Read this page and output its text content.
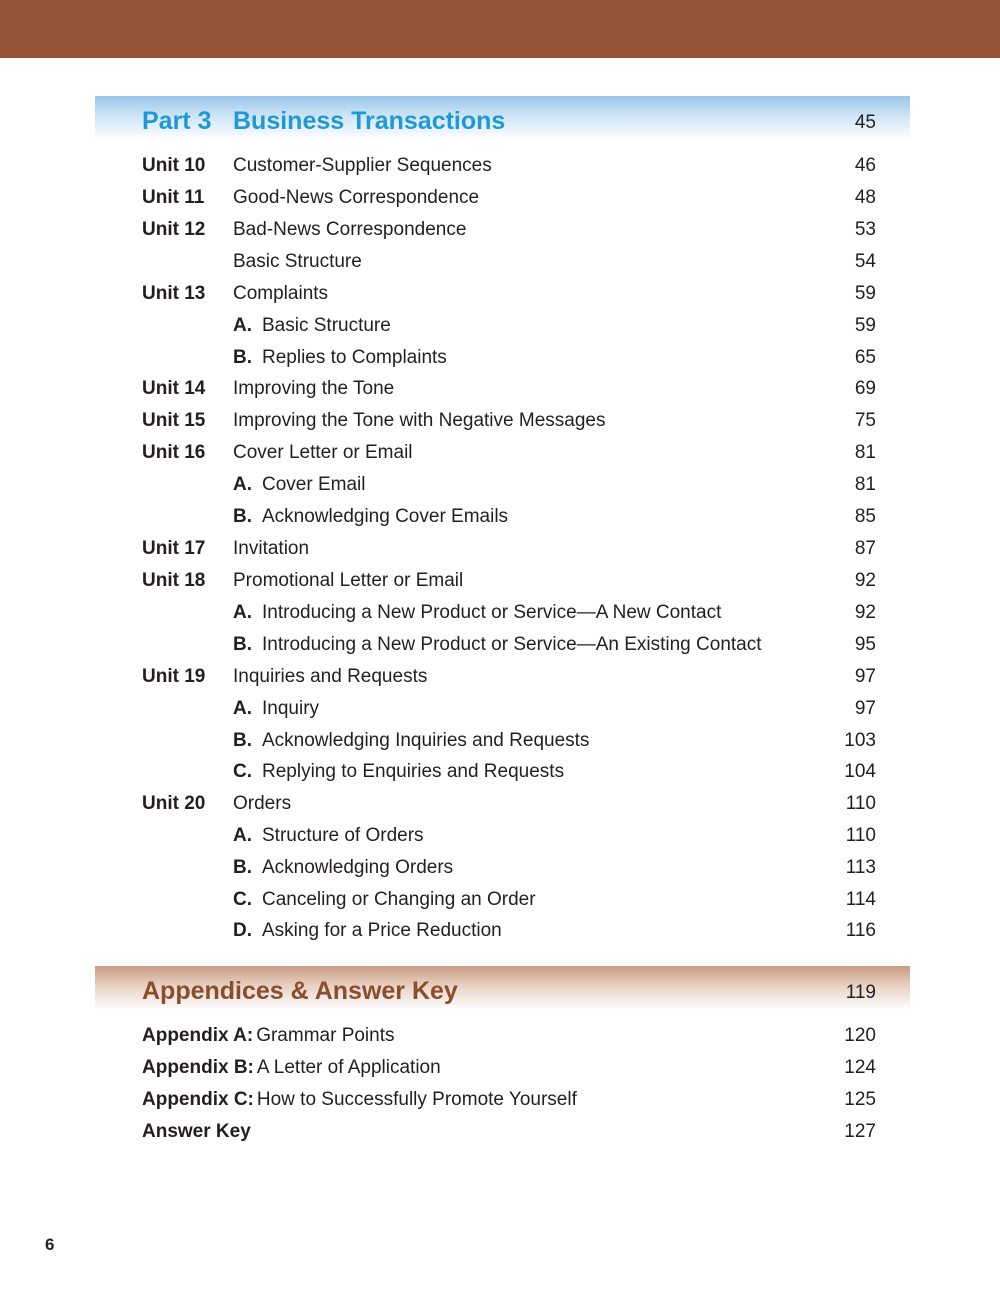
Part 3 Business Transactions	45
Unit 10 Customer-Supplier Sequences	46
Unit 11 Good-News Correspondence	48
Unit 12 Bad-News Correspondence	53
Basic Structure	54
Unit 13 Complaints	59
A. Basic Structure	59
B. Replies to Complaints	65
Unit 14 Improving the Tone	69
Unit 15 Improving the Tone with Negative Messages	75
Unit 16 Cover Letter or Email	81
A. Cover Email	81
B. Acknowledging Cover Emails	85
Unit 17 Invitation	87
Unit 18 Promotional Letter or Email	92
A. Introducing a New Product or Service—A New Contact	92
B. Introducing a New Product or Service—An Existing Contact	95
Unit 19 Inquiries and Requests	97
A. Inquiry	97
B. Acknowledging Inquiries and Requests	103
C. Replying to Enquiries and Requests	104
Unit 20 Orders	110
A. Structure of Orders	110
B. Acknowledging Orders	113
C. Canceling or Changing an Order	114
D. Asking for a Price Reduction	116
Appendices & Answer Key	119
Appendix A: Grammar Points	120
Appendix B: A Letter of Application	124
Appendix C: How to Successfully Promote Yourself	125
Answer Key	127
6
